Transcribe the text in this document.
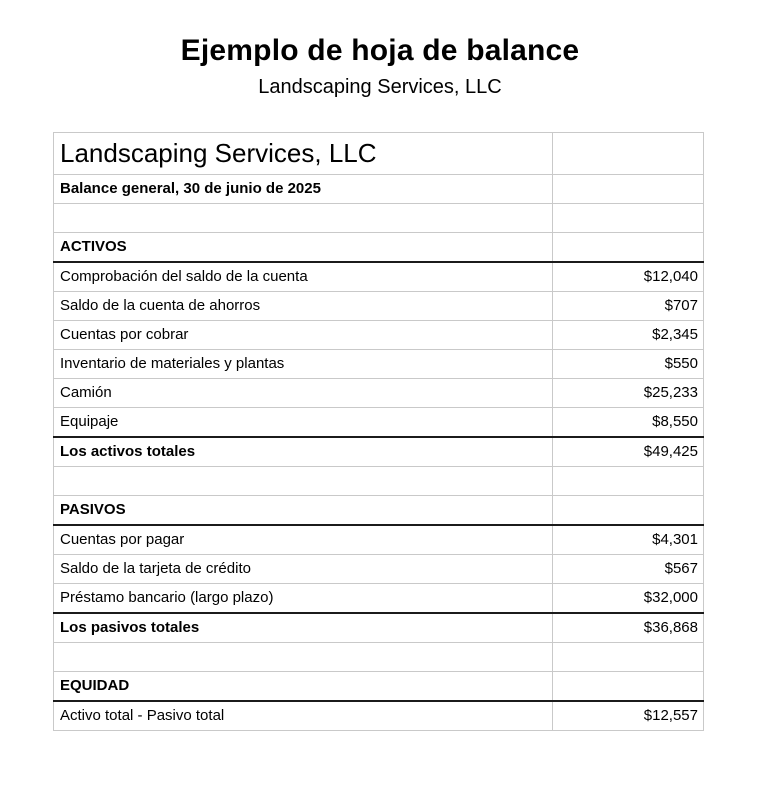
Ejemplo de hoja de balance
Landscaping Services, LLC
Landscaping Services, LLC	
Balance general, 30 de junio de 2025	

ACTIVOS	
Comprobación del saldo de la cuenta	$12,040
Saldo de la cuenta de ahorros	$707
Cuentas por cobrar	$2,345
Inventario de materiales y plantas	$550
Camión	$25,233
Equipaje	$8,550
Los activos totales	$49,425

PASIVOS	
Cuentas por pagar	$4,301
Saldo de la tarjeta de crédito	$567
Préstamo bancario (largo plazo)	$32,000
Los pasivos totales	$36,868

EQUIDAD	
Activo total - Pasivo total	$12,557
